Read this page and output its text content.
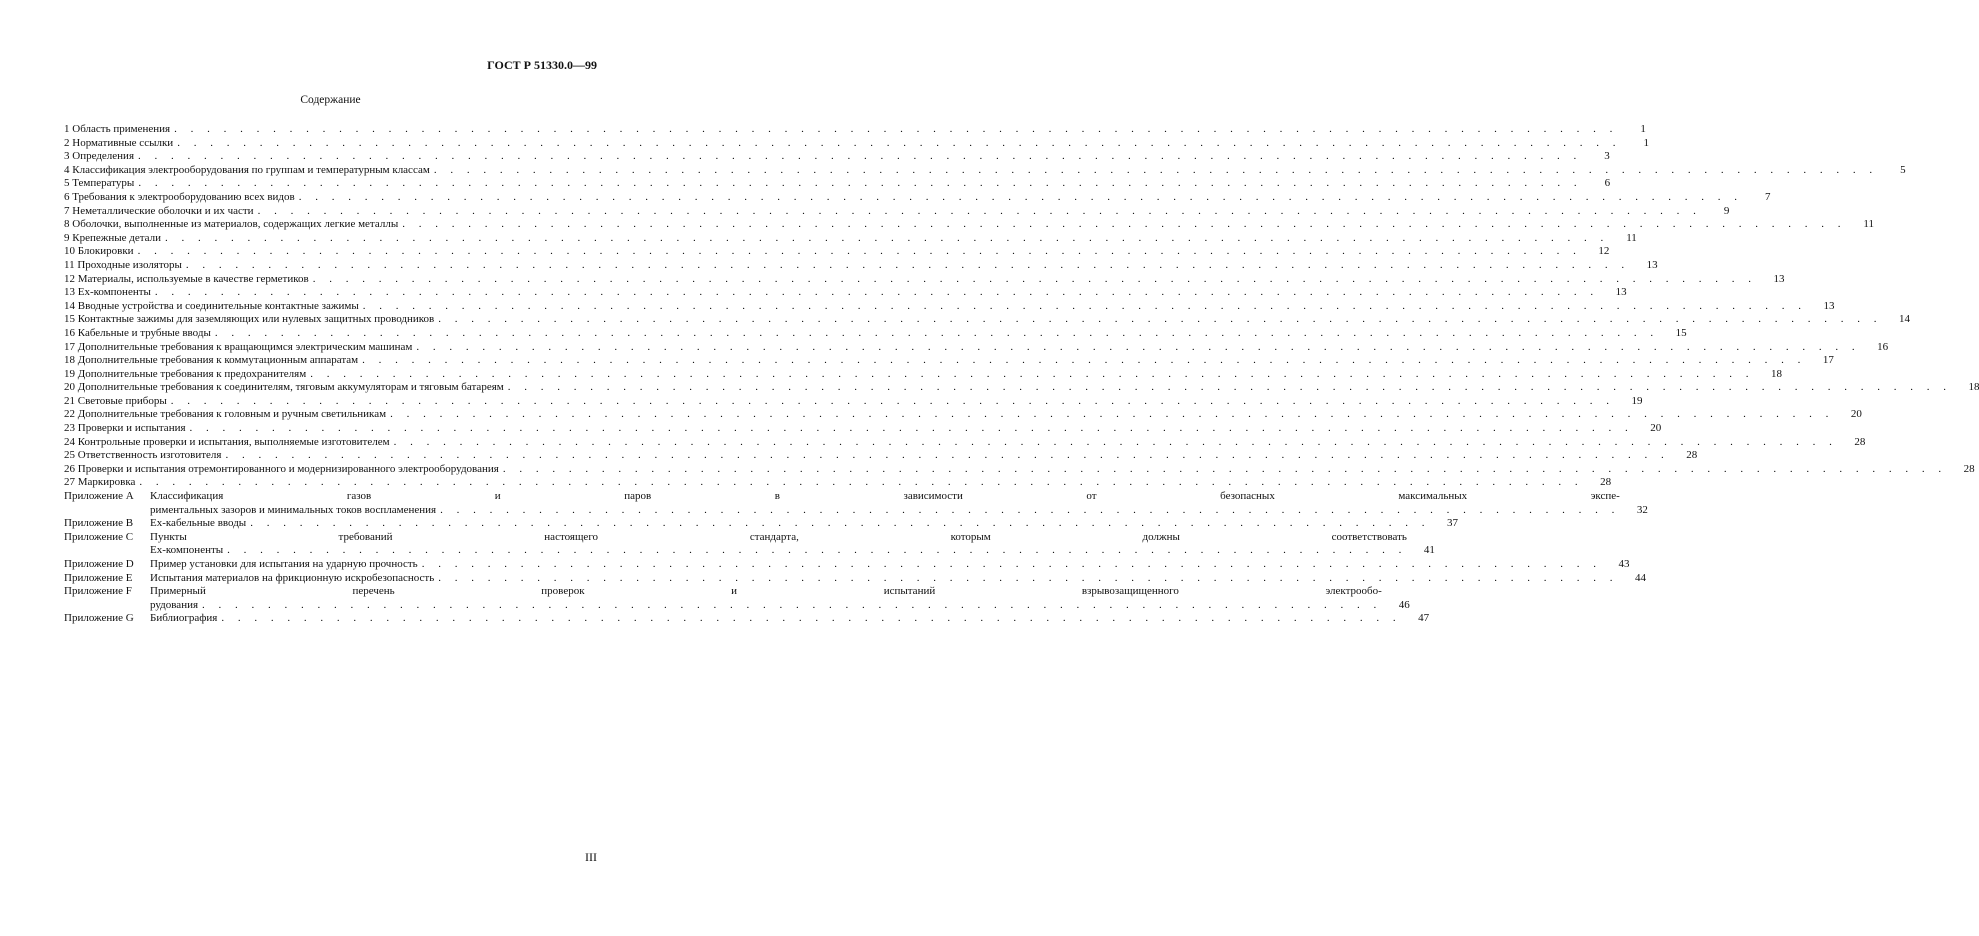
ГОСТ Р 51330.0—99
Содержание
1 Область применения . . .	1
2 Нормативные ссылки . . .	1
3 Определения . . .	3
4 Классификация электрооборудования по группам и температурным классам . . .	5
5 Температуры . . .	6
6 Требования к электрооборудованию всех видов . . .	7
7 Неметаллические оболочки и их части . . .	9
8 Оболочки, выполненные из материалов, содержащих легкие металлы . . .	11
9 Крепежные детали . . .	11
10 Блокировки . . .	12
11 Проходные изоляторы . . .	13
12 Материалы, используемые в качестве герметиков . . .	13
13 Ex-компоненты . . .	13
14 Вводные устройства и соединительные контактные зажимы . . .	13
15 Контактные зажимы для заземляющих или нулевых защитных проводников . . .	14
16 Кабельные и трубные вводы . . .	15
17 Дополнительные требования к вращающимся электрическим машинам . . .	16
18 Дополнительные требования к коммутационным аппаратам . . .	17
19 Дополнительные требования к предохранителям . . .	18
20 Дополнительные требования к соединителям, тяговым аккумуляторам и тяговым батареям . . .	18
21 Световые приборы . . .	19
22 Дополнительные требования к головным и ручным светильникам . . .	20
23 Проверки и испытания . . .	20
24 Контрольные проверки и испытания, выполняемые изготовителем . . .	28
25 Ответственность изготовителя . . .	28
26 Проверки и испытания отремонтированного и модернизированного электрооборудования . . .	28
27 Маркировка . . .	28
Приложение A	Классификация газов и паров в зависимости от безопасных максимальных экспе-
риментальных зазоров и минимальных токов воспламенения . . .	32
Приложение B	Ex-кабельные вводы . . .	37
Приложение C	Пункты требований настоящего стандарта, которым должны соответствовать
Ex-компоненты . . .	41
Приложение D	Пример установки для испытания на ударную прочность . . .	43
Приложение E	Испытания материалов на фрикционную искробезопасность . . .	44
Приложение F	Примерный перечень проверок и испытаний взрывозащищенного электрообо-
рудования . . .	46
Приложение G	Библиография . . .	47
III
